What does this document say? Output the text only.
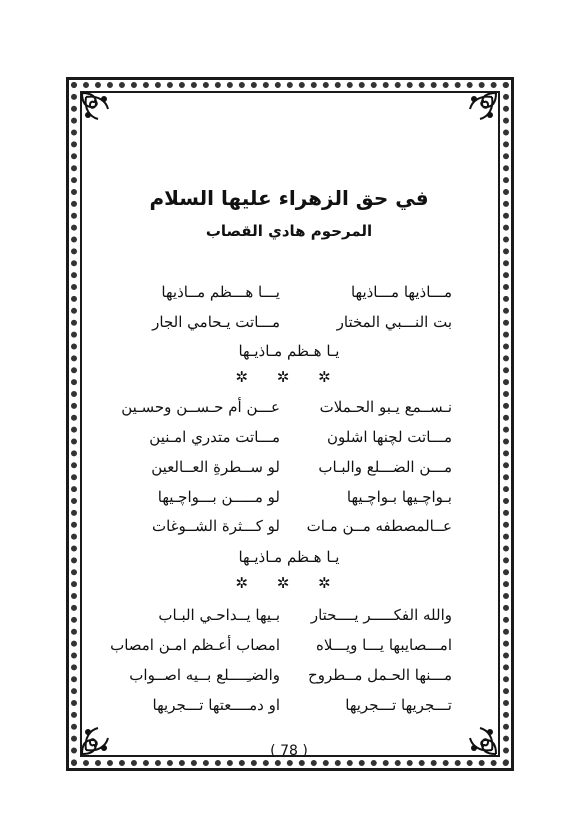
في حق الزهراء عليها السلام
المرحوم هادي القصاب
مـــاذيها مـــاذيها
يـــا هـــظم مــاذيها
بت النـــبي المختار
مـــاتت يـحامي الجار
يـا هـظم مـاذيـها
✲ ✲ ✲
نـســمع يـبو الحـملات
عـــن أم حـســن وحسـين
مـــاتت لچنها اشلون
مـــاتت متدري امـنين
مـــن الضـــلع والبـاب
لو ســطرةِ العــالعين
بـواچـيها بـواچـيها
لو مـــــن بـــواچـيها
عــالمصطفه مــن مـات
لو كـــثرة الشــوغات
يـا هـظم مـاذيـها
✲ ✲ ✲
والله الفكـــــر يــــحتار
بـيها يــداحـي البـاب
امـــصايبها يـــا ويـــلاه
امصاب أعـظم امـن امصاب
مـــنها الحـمل مــطروح
والضـِــــلع بــيه اصــواب
تـــجريها تـــجريها
او دمــــعتها تـــجريها
( 78 )
